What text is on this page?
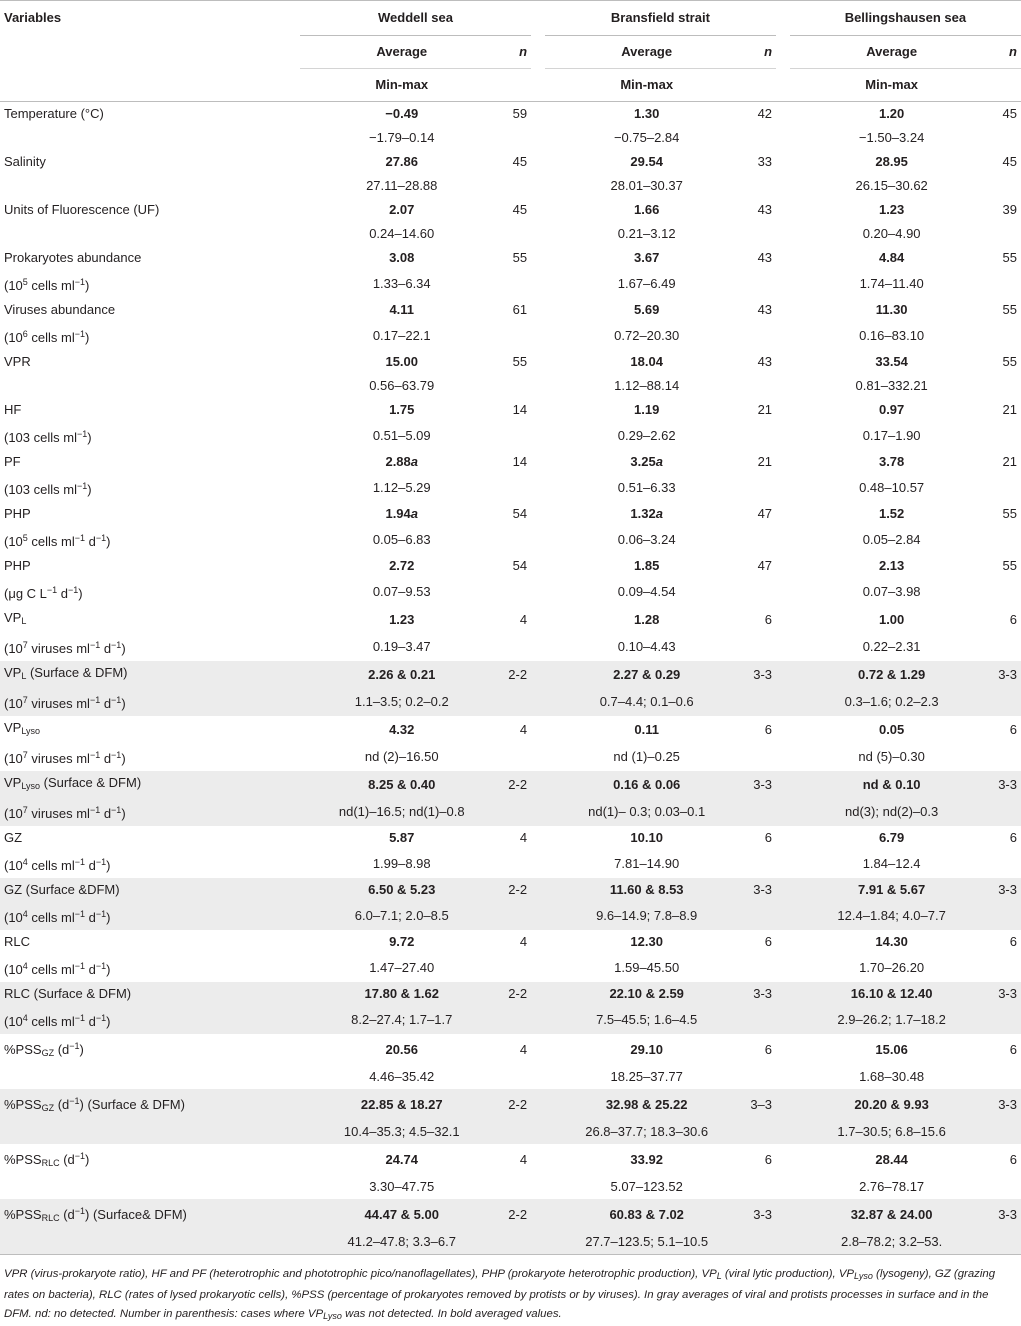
Variables	Weddell sea			Bransfield strait			Bellingshausen sea	
	Average	n		Average	n		Average	n
	Min-max			Min-max			Min-max	
Temperature (°C)	−0.49	59		1.30	42		1.20	45
	−1.79–0.14			−0.75–2.84			−1.50–3.24	
Salinity	27.86	45		29.54	33		28.95	45
	27.11–28.88			28.01–30.37			26.15–30.62	
Units of Fluorescence (UF)	2.07	45		1.66	43		1.23	39
	0.24–14.60			0.21–3.12			0.20–4.90	
Prokaryotes abundance	3.08	55		3.67	43		4.84	55
($10^5$ cells $ml^{-1}$)	1.33–6.34			1.67–6.49			1.74–11.40	
Viruses abundance	4.11	61		5.69	43		11.30	55
($10^6$ cells $ml^{-1}$)	0.17–22.1			0.72–20.30			0.16–83.10	
VPR	15.00	55		18.04	43		33.54	55
	0.56–63.79			1.12–88.14			0.81–332.21	
HF	1.75	14		1.19	21		0.97	21
(103 cells $ml^{-1}$)	0.51–5.09			0.29–2.62			0.17–1.90	
PF	2.88a	14		3.25a	21		3.78	21
(103 cells $ml^{-1}$)	1.12–5.29			0.51–6.33			0.48–10.57	
PHP	1.94a	54		1.32a	47		1.52	55
($10^5$ cells $ml^{-1}$ $d^{-1}$)	0.05–6.83			0.06–3.24			0.05–2.84	
PHP	2.72	54		1.85	47		2.13	55
(μg C $L^{-1}$ $d^{-1}$)	0.07–9.53			0.09–4.54			0.07–3.98	
$VP_L$	1.23	4		1.28	6		1.00	6
($10^7$ viruses $ml^{-1}$ $d^{-1}$)	0.19–3.47			0.10–4.43			0.22–2.31	
$VP_L$ (Surface & DFM)	2.26 & 0.21	2-2		2.27 & 0.29	3-3		0.72 & 1.29	3-3
($10^7$ viruses $ml^{-1}$ $d^{-1}$)	1.1–3.5; 0.2–0.2			0.7–4.4; 0.1–0.6			0.3–1.6; 0.2–2.3	
$VP_{Lyso}$	4.32	4		0.11	6		0.05	6
($10^7$ viruses $ml^{-1}$ $d^{-1}$)	nd (2)–16.50			nd (1)–0.25			nd (5)–0.30	
$VP_{Lyso}$ (Surface & DFM)	8.25 & 0.40	2-2		0.16 & 0.06	3-3		nd & 0.10	3-3
($10^7$ viruses $ml^{-1}$ $d^{-1}$)	nd(1)–16.5; nd(1)–0.8			nd(1)– 0.3; 0.03–0.1			nd(3); nd(2)–0.3	
GZ	5.87	4		10.10	6		6.79	6
($10^4$ cells $ml^{-1}$ $d^{-1}$)	1.99–8.98			7.81–14.90			1.84–12.4	
GZ (Surface &DFM)	6.50 & 5.23	2-2		11.60 & 8.53	3-3		7.91 & 5.67	3-3
($10^4$ cells $ml^{-1}$ $d^{-1}$)	6.0–7.1; 2.0–8.5			9.6–14.9; 7.8–8.9			12.4–1.84; 4.0–7.7	
RLC	9.72	4		12.30	6		14.30	6
($10^4$ cells $ml^{-1}$ $d^{-1}$)	1.47–27.40			1.59–45.50			1.70–26.20	
RLC (Surface & DFM)	17.80 & 1.62	2-2		22.10 & 2.59	3-3		16.10 & 12.40	3-3
($10^4$ cells $ml^{-1}$ $d^{-1}$)	8.2–27.4; 1.7–1.7			7.5–45.5; 1.6–4.5			2.9–26.2; 1.7–18.2	
$\%PSS_{GZ}$ $(d^{-1})$	20.56	4		29.10	6		15.06	6
	4.46–35.42			18.25–37.77			1.68–30.48	
$\%PSS_{GZ}$ $(d^{-1})$ (Surface & DFM)	22.85 & 18.27	2-2		32.98 & 25.22	3–3		20.20 & 9.93	3-3
	10.4–35.3; 4.5–32.1			26.8–37.7; 18.3–30.6			1.7–30.5; 6.8–15.6	
$\%PSS_{RLC}$ $(d^{-1})$	24.74	4		33.92	6		28.44	6
	3.30–47.75			5.07–123.52			2.76–78.17	
$\%PSS_{RLC}$ $(d^{-1})$ (Surface& DFM)	44.47 & 5.00	2-2		60.83 & 7.02	3-3		32.87 & 24.00	3-3
	41.2–47.8; 3.3–6.7			27.7–123.5; 5.1–10.5			2.8–78.2; 3.2–53.	
VPR (virus-prokaryote ratio), HF and PF (heterotrophic and phototrophic pico/nanoflagellates), PHP (prokaryote heterotrophic production), $VP_L$ (viral lytic production), $VP_{Lyso}$ (lysogeny), GZ (grazing rates on bacteria), RLC (rates of lysed prokaryotic cells), %PSS (percentage of prokaryotes removed by protists or by viruses). In gray averages of viral and protists processes in surface and in the DFM. nd: no detected. Number in parenthesis: cases where $VP_{Lyso}$ was not detected. In bold averaged values.
